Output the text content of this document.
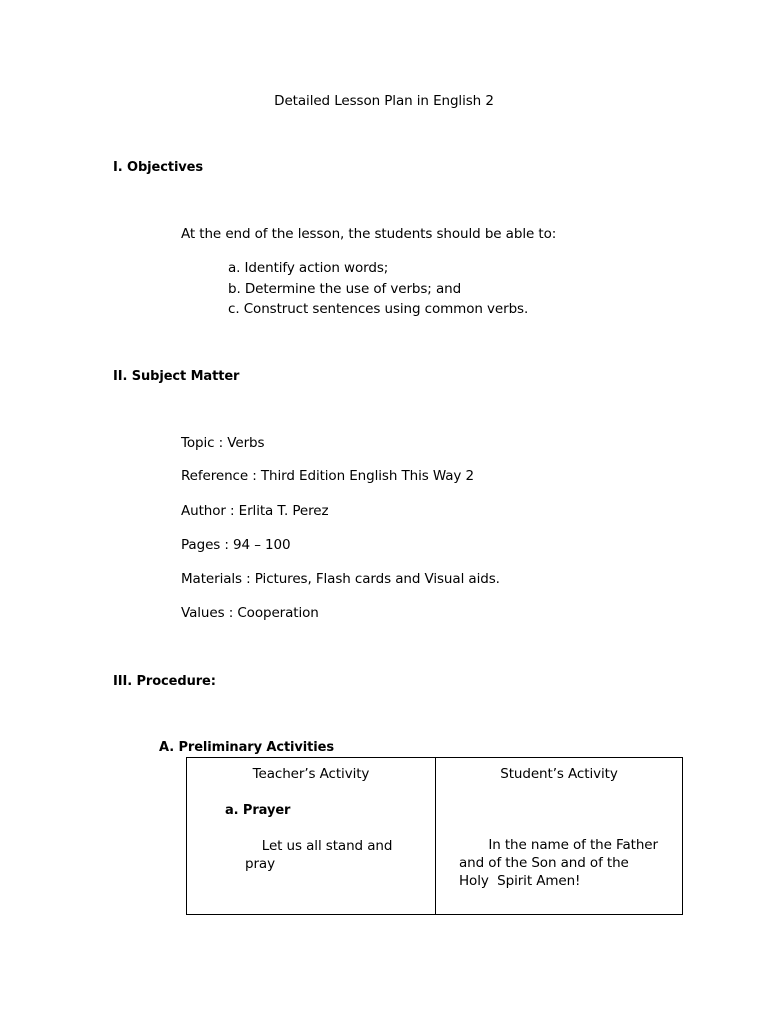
Detailed Lesson Plan in English 2
I. Objectives
At the end of the lesson, the students should be able to:
a. Identify action words;
b. Determine the use of verbs; and
c. Construct sentences using common verbs.
II. Subject Matter
Topic : Verbs
Reference : Third Edition English This Way 2
Author : Erlita T. Perez
Pages : 94 – 100
Materials : Pictures, Flash cards and Visual aids.
Values : Cooperation
III. Procedure:
A. Preliminary Activities
Teacher’s Activity	Student’s Activity
a. Prayer
Let us all stand and
pray
In the name of the Father
and of the Son and of the
Holy  Spirit Amen!
